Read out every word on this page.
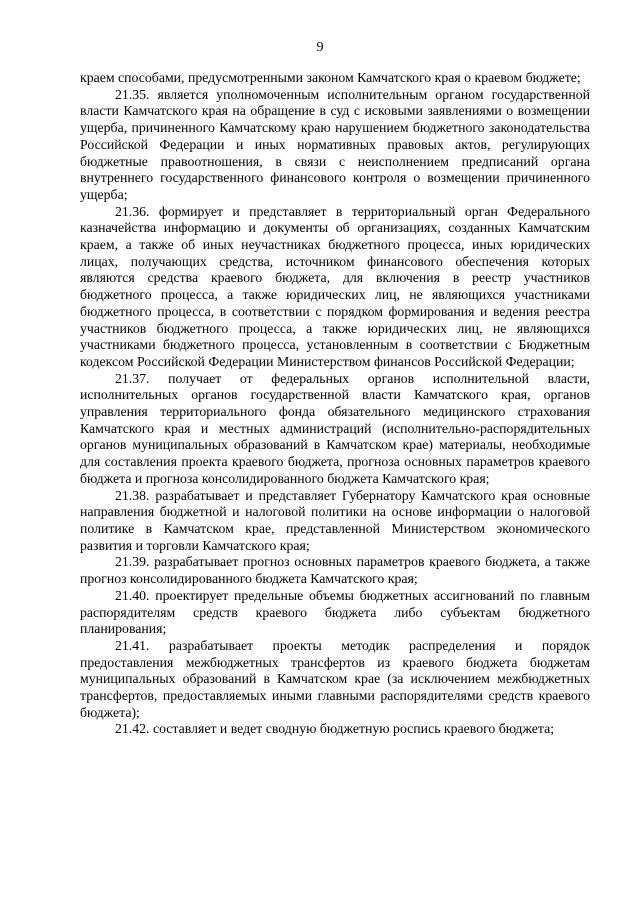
9

краем способами, предусмотренными законом Камчатского края о краевом бюджете;

21.35. является уполномоченным исполнительным органом государственной власти Камчатского края на обращение в суд с исковыми заявлениями о возмещении ущерба, причиненного Камчатскому краю нарушением бюджетного законодательства Российской Федерации и иных нормативных правовых актов, регулирующих бюджетные правоотношения, в связи с неисполнением предписаний органа внутреннего государственного финансового контроля о возмещении причиненного ущерба;

21.36. формирует и представляет в территориальный орган Федерального казначейства информацию и документы об организациях, созданных Камчатским краем, а также об иных неучастниках бюджетного процесса, иных юридических лицах, получающих средства, источником финансового обеспечения которых являются средства краевого бюджета, для включения в реестр участников бюджетного процесса, а также юридических лиц, не являющихся участниками бюджетного процесса, в соответствии с порядком формирования и ведения реестра участников бюджетного процесса, а также юридических лиц, не являющихся участниками бюджетного процесса, установленным в соответствии с Бюджетным кодексом Российской Федерации Министерством финансов Российской Федерации;

21.37. получает от федеральных органов исполнительной власти, исполнительных органов государственной власти Камчатского края, органов управления территориального фонда обязательного медицинского страхования Камчатского края и местных администраций (исполнительно-распорядительных органов муниципальных образований в Камчатском крае) материалы, необходимые для составления проекта краевого бюджета, прогноза основных параметров краевого бюджета и прогноза консолидированного бюджета Камчатского края;

21.38. разрабатывает и представляет Губернатору Камчатского края основные направления бюджетной и налоговой политики на основе информации о налоговой политике в Камчатском крае, представленной Министерством экономического развития и торговли Камчатского края;

21.39. разрабатывает прогноз основных параметров краевого бюджета, а также прогноз консолидированного бюджета Камчатского края;

21.40. проектирует предельные объемы бюджетных ассигнований по главным распорядителям средств краевого бюджета либо субъектам бюджетного планирования;

21.41. разрабатывает проекты методик распределения и порядок предоставления межбюджетных трансфертов из краевого бюджета бюджетам муниципальных образований в Камчатском крае (за исключением межбюджетных трансфертов, предоставляемых иными главными распорядителями средств краевого бюджета);

21.42. составляет и ведет сводную бюджетную роспись краевого бюджета;
